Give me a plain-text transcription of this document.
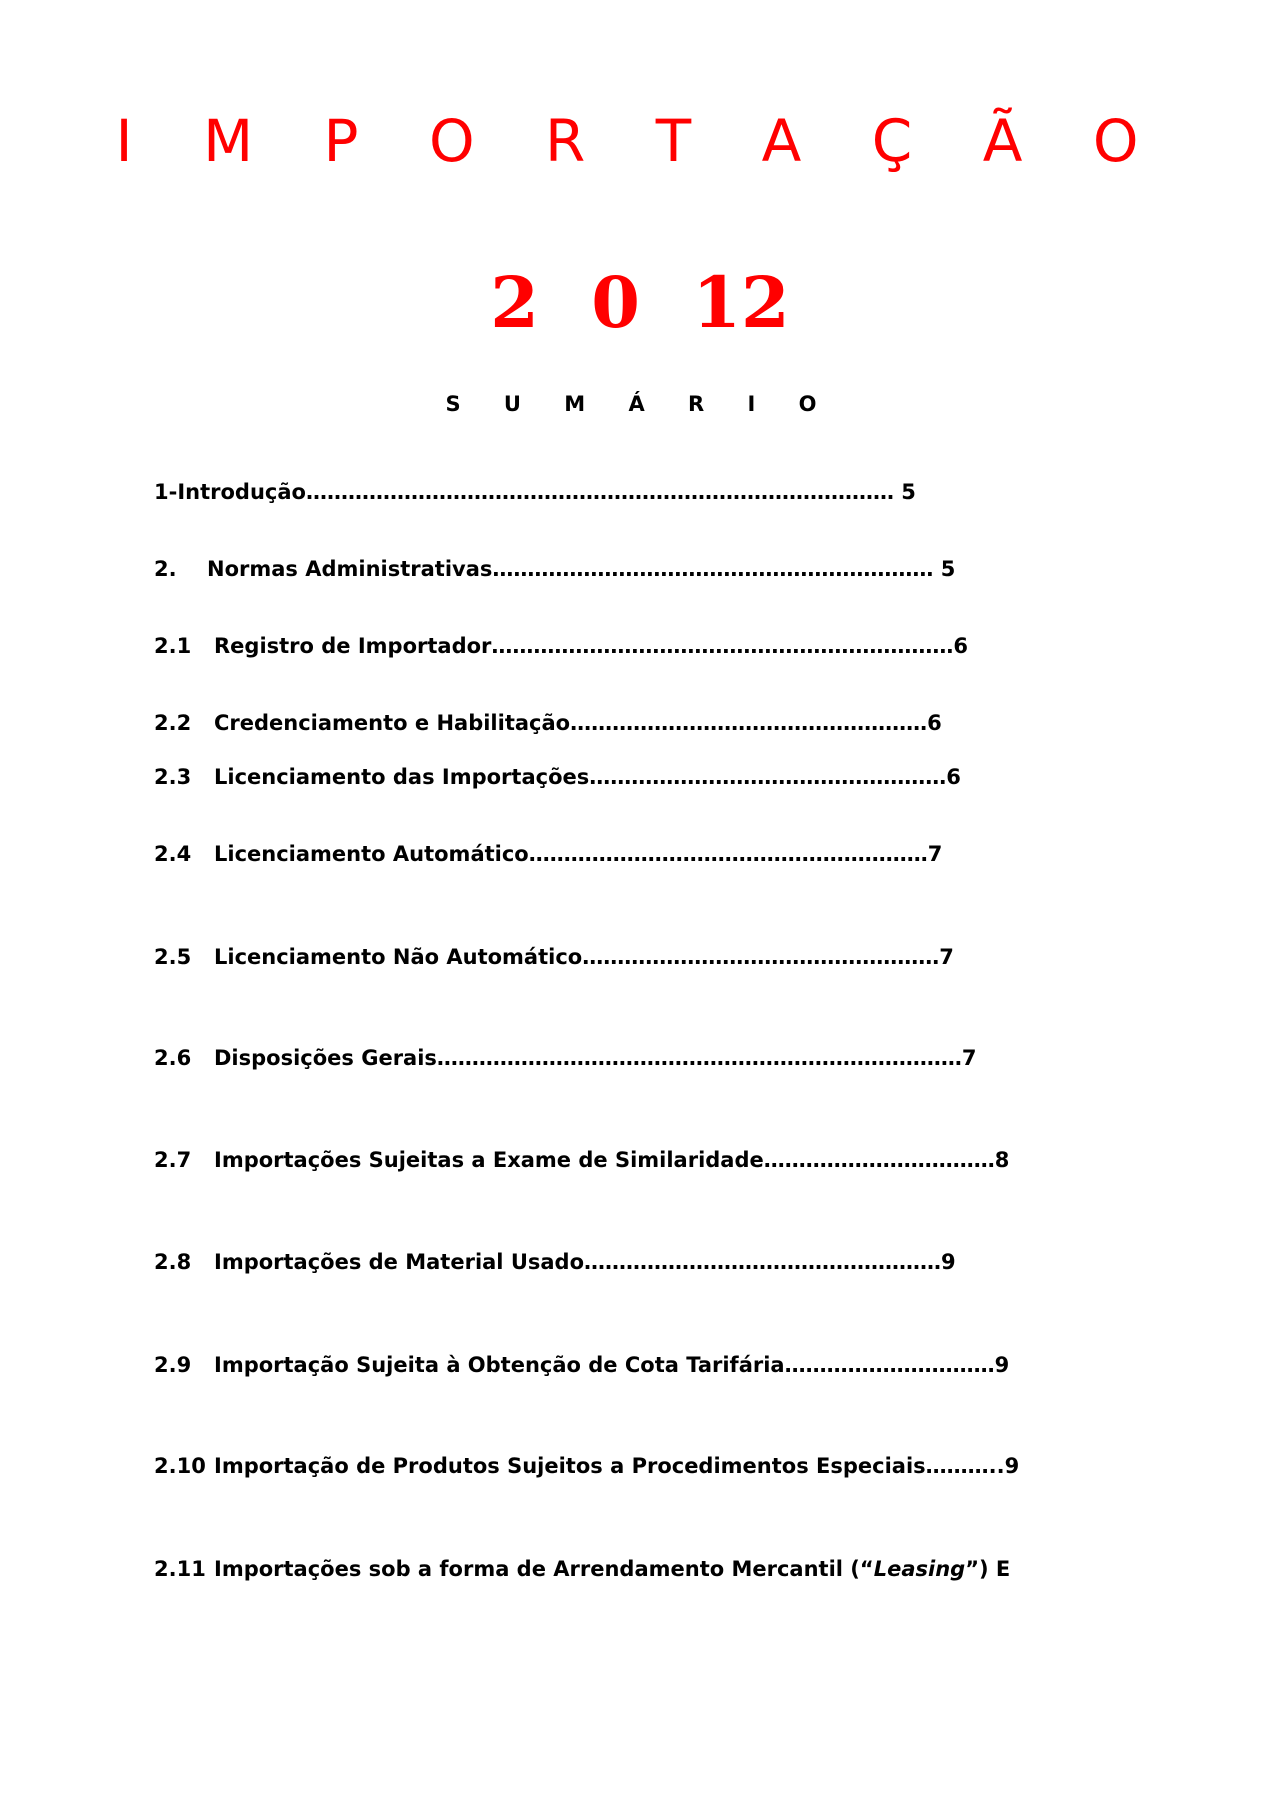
I M P O R T A Ç Ã O
2 0 12
S U M Á R I O
1-Introdução………………………………………………………………………… 5
2. Normas Administrativas……………………………………………………… 5
2.1 Registro de Importador…………………………………………………………6
2.2 Credenciamento e Habilitação……………………………………………6
2.3 Licenciamento das Importações……………………………………………6
2.4 Licenciamento Automático…………………………………………………7
2.5 Licenciamento Não Automático……………………………………………7
2.6 Disposições Gerais…………………………………………………………………7
2.7 Importações Sujeitas a Exame de Similaridade……………………………8
2.8 Importações de Material Usado……………………………………………9
2.9 Importação Sujeita à Obtenção de Cota Tarifária…………………………9
2.10 Importação de Produtos Sujeitos a Procedimentos Especiais………..9
2.11 Importações sob a forma de Arrendamento Mercantil (“Leasing”) E
